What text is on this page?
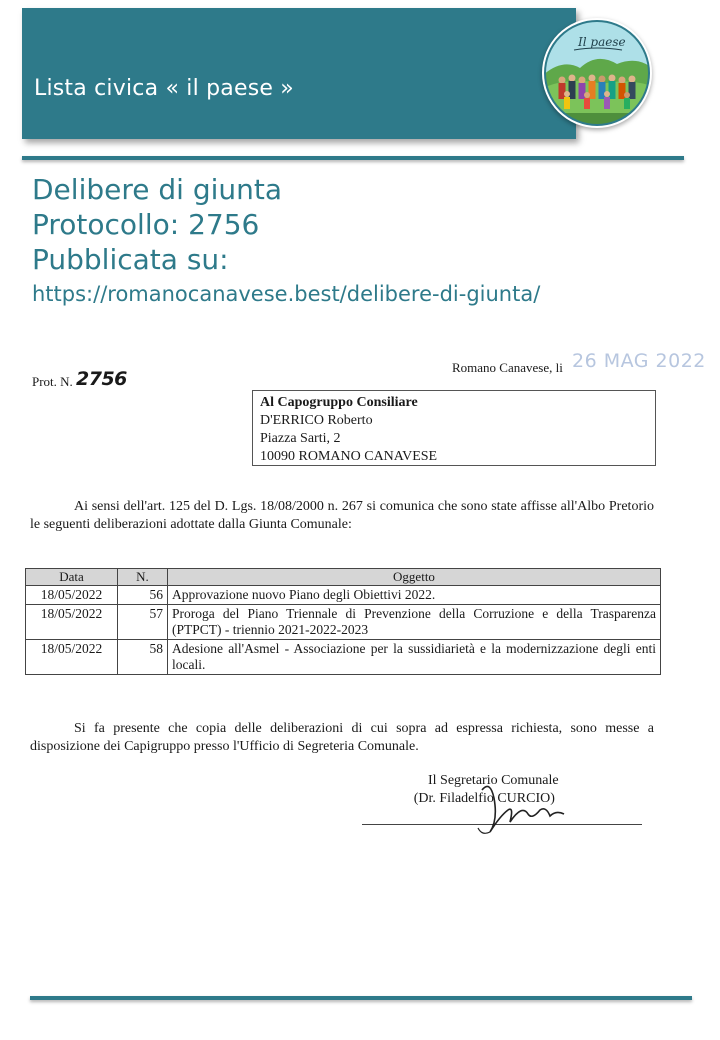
Lista civica « il paese »
Il paese
Delibere di giunta
Protocollo: 2756
Pubblicata su:
https://romanocanavese.best/delibere-di-giunta/
Romano Canavese, li 26 MAG 2022
Prot. N. 2756
Al Capogruppo Consiliare
D'ERRICO Roberto
Piazza Sarti, 2
10090 ROMANO CANAVESE
Ai sensi dell'art. 125 del D. Lgs. 18/08/2000 n. 267 si comunica che sono state affisse all'Albo Pretorio le seguenti deliberazioni adottate dalla Giunta Comunale:
Data	N.	Oggetto
18/05/2022	56	Approvazione nuovo Piano degli Obiettivi 2022.
18/05/2022	57	Proroga del Piano Triennale di Prevenzione della Corruzione e della Trasparenza (PTPCT) - triennio 2021-2022-2023
18/05/2022	58	Adesione all'Asmel - Associazione per la sussidiarietà e la modernizzazione degli enti locali.
Si fa presente che copia delle deliberazioni di cui sopra ad espressa richiesta, sono messe a disposizione dei Capigruppo presso l'Ufficio di Segreteria Comunale.
Il Segretario Comunale
(Dr. Filadelfio CURCIO)
